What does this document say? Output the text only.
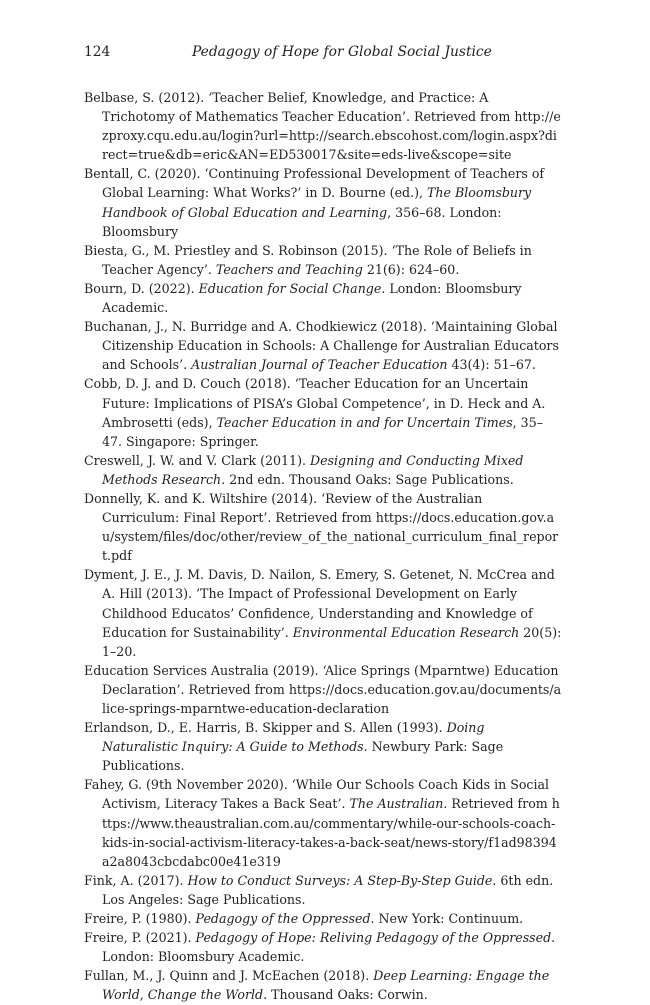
124	Pedagogy of Hope for Global Social Justice

Belbase, S. (2012). ‘Teacher Belief, Knowledge, and Practice: A Trichotomy of Mathematics Teacher Education’. Retrieved from http://ezproxy.cqu.edu.au/login?url=http://search.ebscohost.com/login.aspx?direct=true&db=eric&AN=ED530017&site=eds-live&scope=site

Bentall, C. (2020). ‘Continuing Professional Development of Teachers of Global Learning: What Works?’ in D. Bourne (ed.), The Bloomsbury Handbook of Global Education and Learning, 356–68. London: Bloomsbury

Biesta, G., M. Priestley and S. Robinson (2015). ‘The Role of Beliefs in Teacher Agency’. Teachers and Teaching 21(6): 624–60.

Bourn, D. (2022). Education for Social Change. London: Bloomsbury Academic.

Buchanan, J., N. Burridge and A. Chodkiewicz (2018). ‘Maintaining Global Citizenship Education in Schools: A Challenge for Australian Educators and Schools’. Australian Journal of Teacher Education 43(4): 51–67.

Cobb, D. J. and D. Couch (2018). ‘Teacher Education for an Uncertain Future: Implications of PISA’s Global Competence’, in D. Heck and A. Ambrosetti (eds), Teacher Education in and for Uncertain Times, 35–47. Singapore: Springer.

Creswell, J. W. and V. Clark (2011). Designing and Conducting Mixed Methods Research. 2nd edn. Thousand Oaks: Sage Publications.

Donnelly, K. and K. Wiltshire (2014). ‘Review of the Australian Curriculum: Final Report’. Retrieved from https://docs.education.gov.au/system/files/doc/other/review_of_the_national_curriculum_final_report.pdf

Dyment, J. E., J. M. Davis, D. Nailon, S. Emery, S. Getenet, N. McCrea and A. Hill (2013). ‘The Impact of Professional Development on Early Childhood Educatos’ Confidence, Understanding and Knowledge of Education for Sustainability’. Environmental Education Research 20(5): 1–20.

Education Services Australia (2019). ‘Alice Springs (Mparntwe) Education Declaration’. Retrieved from https://docs.education.gov.au/documents/alice-springs-mparntwe-education-declaration

Erlandson, D., E. Harris, B. Skipper and S. Allen (1993). Doing Naturalistic Inquiry: A Guide to Methods. Newbury Park: Sage Publications.

Fahey, G. (9th November 2020). ‘While Our Schools Coach Kids in Social Activism, Literacy Takes a Back Seat’. The Australian. Retrieved from https://www.theaustralian.com.au/commentary/while-our-schools-coach-kids-in-social-activism-literacy-takes-a-back-seat/news-story/f1ad98394a2a8043cbcdabc00e41e319

Fink, A. (2017). How to Conduct Surveys: A Step-By-Step Guide. 6th edn. Los Angeles: Sage Publications.

Freire, P. (1980). Pedagogy of the Oppressed. New York: Continuum.

Freire, P. (2021). Pedagogy of Hope: Reliving Pedagogy of the Oppressed. London: Bloomsbury Academic.

Fullan, M., J. Quinn and J. McEachen (2018). Deep Learning: Engage the World, Change the World. Thousand Oaks: Corwin.
